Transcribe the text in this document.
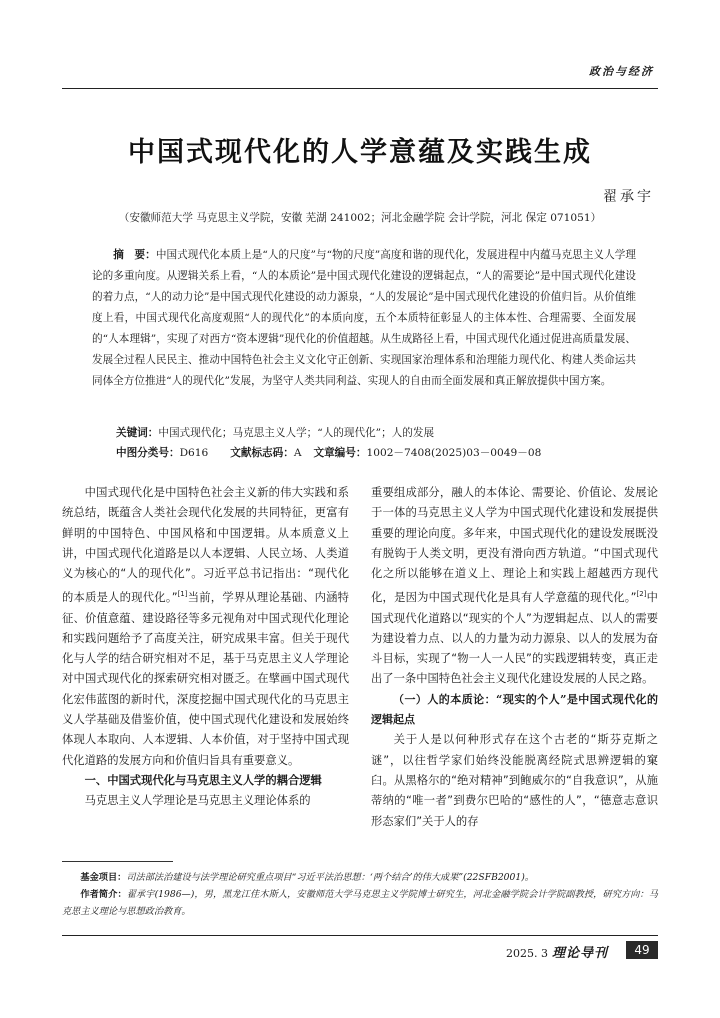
政治与经济
中国式现代化的人学意蕴及实践生成
翟承宇
（安徽师范大学 马克思主义学院，安徽 芜湖 241002；河北金融学院 会计学院，河北 保定 071051）
摘　要：中国式现代化本质上是“人的尺度”与“物的尺度”高度和谐的现代化，发展进程中内蕴马克思主义人学理论的多重向度。从逻辑关系上看，“人的本质论”是中国式现代化建设的逻辑起点，“人的需要论”是中国式现代化建设的着力点，“人的动力论”是中国式现代化建设的动力源泉，“人的发展论”是中国式现代化建设的价值归旨。从价值维度上看，中国式现代化高度观照“人的现代化”的本质向度，五个本质特征彰显人的主体本性、合理需要、全面发展的“人本理辑”，实现了对西方“资本逻辑”现代化的价值超越。从生成路径上看，中国式现代化通过促进高质量发展、发展全过程人民民主、推动中国特色社会主义文化守正创新、实现国家治理体系和治理能力现代化、构建人类命运共同体全方位推进“人的现代化”发展，为坚守人类共同利益、实现人的自由而全面发展和真正解放提供中国方案。
关键词：中国式现代化；马克思主义人学；“人的现代化”；人的发展
中图分类号：D616 文献标志码：A 文章编号：1002－7408(2025)03－0049－08

中国式现代化是中国特色社会主义新的伟大实践和系统总结，既蕴含人类社会现代化发展的共同特征，更富有鲜明的中国特色、中国风格和中国逻辑。从本质意义上讲，中国式现代化道路是以人本逻辑、人民立场、人类道义为核心的“人的现代化”。习近平总书记指出：“现代化的本质是人的现代化。”[1]当前，学界从理论基础、内涵特征、价值意蕴、建设路径等多元视角对中国式现代化理论和实践问题给予了高度关注，研究成果丰富。但关于现代化与人学的结合研究相对不足，基于马克思主义人学理论对中国式现代化的探索研究相对匮乏。在擘画中国式现代化宏伟蓝图的新时代，深度挖掘中国式现代化的马克思主义人学基础及借鉴价值，使中国式现代化建设和发展始终体现人本取向、人本逻辑、人本价值，对于坚持中国式现代化道路的发展方向和价值归旨具有重要意义。

一、中国式现代化与马克思主义人学的耦合逻辑

马克思主义人学理论是马克思主义理论体系的

重要组成部分，融人的本体论、需要论、价值论、发展论于一体的马克思主义人学为中国式现代化建设和发展提供重要的理论向度。多年来，中国式现代化的建设发展既没有脱钩于人类文明，更没有滑向西方轨道。“中国式现代化之所以能够在道义上、理论上和实践上超越西方现代化，是因为中国式现代化是具有人学意蕴的现代化。”[2]中国式现代化道路以“现实的个人”为逻辑起点、以人的需要为建设着力点、以人的力量为动力源泉、以人的发展为奋斗目标，实现了“物一人一人民”的实践逻辑转变，真正走出了一条中国特色社会主义现代化建设发展的人民之路。

（一）人的本质论：“现实的个人”是中国式现代化的逻辑起点

关于人是以何种形式存在这个古老的“斯芬克斯之谜”，以往哲学家们始终没能脱离经院式思辨逻辑的窠臼。从黑格尔的“绝对精神”到鲍威尔的“自我意识”，从施蒂纳的“唯一者”到费尔巴哈的“感性的人”，“德意志意识形态家们”关于人的存

基金项目：司法部法治建设与法学理论研究重点项目“习近平法治思想：‘两个结合’的伟大成果”(22SFB2001)。
作者简介：翟承宇(1986—)，男，黑龙江佳木斯人，安徽师范大学马克思主义学院博士研究生，河北金融学院会计学院副教授，研究方向：马克思主义理论与思想政治教育。
2025. 3 理论导刊	49
